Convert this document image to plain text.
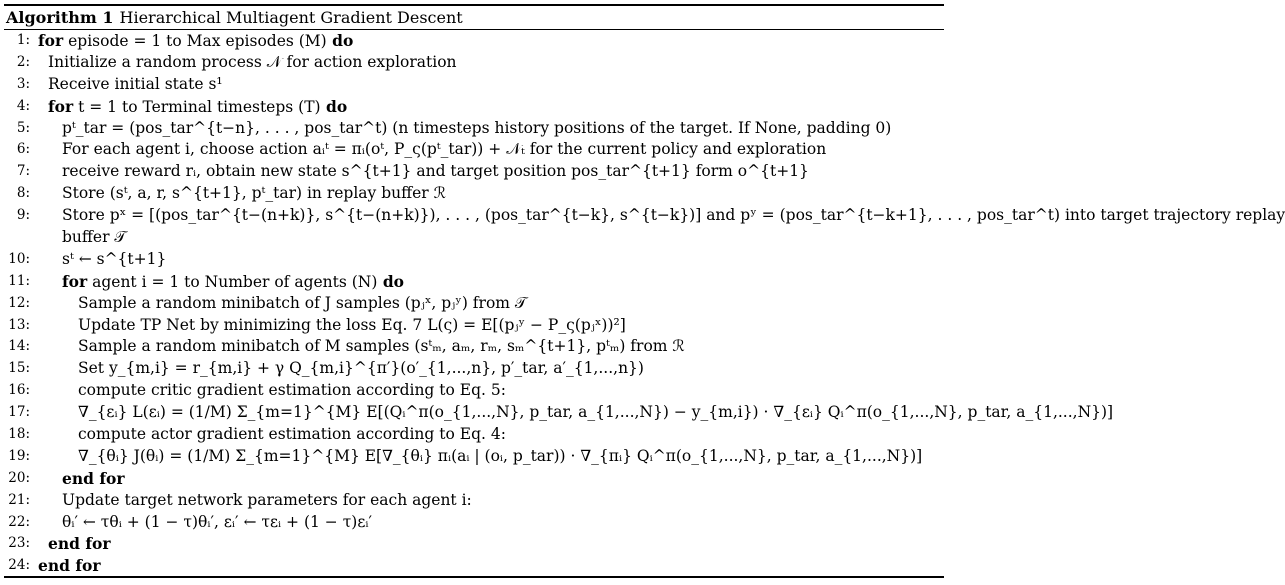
Algorithm 1 Hierarchical Multiagent Gradient Descent
1: for episode = 1 to Max episodes (M) do
2: Initialize a random process 𝒩 for action exploration
3: Receive initial state s¹
4: for t = 1 to Terminal timesteps (T) do
5: pᵗ_tar = (pos_tar^{t−n}, . . . , pos_tar^t) (n timesteps history positions of the target. If None, padding 0)
6: For each agent i, choose action aᵢᵗ = πᵢ(oᵗ, P_ς(pᵗ_tar)) + 𝒩ₜ for the current policy and exploration
7: receive reward rᵢ, obtain new state s^{t+1} and target position pos_tar^{t+1} form o^{t+1}
8: Store (sᵗ, a, r, s^{t+1}, pᵗ_tar) in replay buffer ℛ
9: Store pˣ = [(pos_tar^{t−(n+k)}, s^{t−(n+k)}), . . . , (pos_tar^{t−k}, s^{t−k})] and pʸ = (pos_tar^{t−k+1}, . . . , pos_tar^t) into target trajectory replay
buffer 𝒯
10: sᵗ ← s^{t+1}
11: for agent i = 1 to Number of agents (N) do
12:	Sample a random minibatch of J samples (pⱼˣ, pⱼʸ) from 𝒯
13:	Update TP Net by minimizing the loss Eq. 7 L(ς) = E[(pⱼʸ − P_ς(pⱼˣ))²]
14:	Sample a random minibatch of M samples (sᵗₘ, aₘ, rₘ, sₘ^{t+1}, pᵗₘ) from ℛ
15:	Set y_{m,i} = r_{m,i} + γ Q_{m,i}^{π′}(o′_{1,...,n}, p′_tar, a′_{1,...,n})
16:	compute critic gradient estimation according to Eq. 5:
17:	∇_{εᵢ} L(εᵢ) = (1/M) Σ_{m=1}^{M} E[(Qᵢ^π(o_{1,...,N}, p_tar, a_{1,...,N}) − y_{m,i}) · ∇_{εᵢ} Qᵢ^π(o_{1,...,N}, p_tar, a_{1,...,N})]
18:	compute actor gradient estimation according to Eq. 4:
19:	∇_{θᵢ} J(θᵢ) = (1/M) Σ_{m=1}^{M} E[∇_{θᵢ} πᵢ(aᵢ | (oᵢ, p_tar)) · ∇_{πᵢ} Qᵢ^π(o_{1,...,N}, p_tar, a_{1,...,N})]
20: end for
21: Update target network parameters for each agent i:
22: θᵢ′ ← τθᵢ + (1 − τ)θᵢ′, εᵢ′ ← τεᵢ + (1 − τ)εᵢ′
23: end for
24: end for
